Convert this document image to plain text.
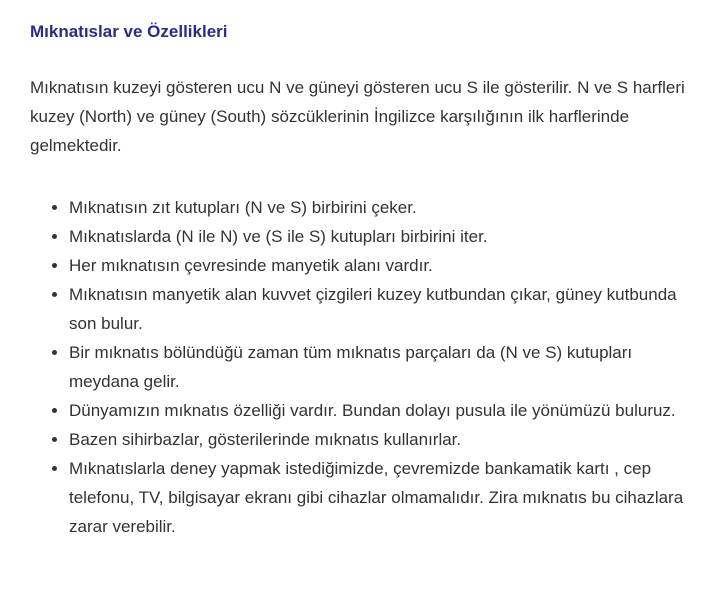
Mıknatıslar ve Özellikleri

Mıknatısın kuzeyi gösteren ucu N ve güneyi gösteren ucu S ile gösterilir. N ve S harfleri kuzey (North) ve güney (South) sözcüklerinin İngilizce karşılığının ilk harflerinde gelmektedir.

• Mıknatısın zıt kutupları (N ve S) birbirini çeker.
• Mıknatıslarda (N ile N) ve (S ile S) kutupları birbirini iter.
• Her mıknatısın çevresinde manyetik alanı vardır.
• Mıknatısın manyetik alan kuvvet çizgileri kuzey kutbundan çıkar, güney kutbunda son bulur.
• Bir mıknatıs bölündüğü zaman tüm mıknatıs parçaları da (N ve S) kutupları meydana gelir.
• Dünyamızın mıknatıs özelliği vardır. Bundan dolayı pusula ile yönümüzü buluruz.
• Bazen sihirbazlar, gösterilerinde mıknatıs kullanırlar.
• Mıknatıslarla deney yapmak istediğimizde, çevremizde bankamatik kartı , cep telefonu, TV, bilgisayar ekranı gibi cihazlar olmamalıdır. Zira mıknatıs bu cihazlara zarar verebilir.
